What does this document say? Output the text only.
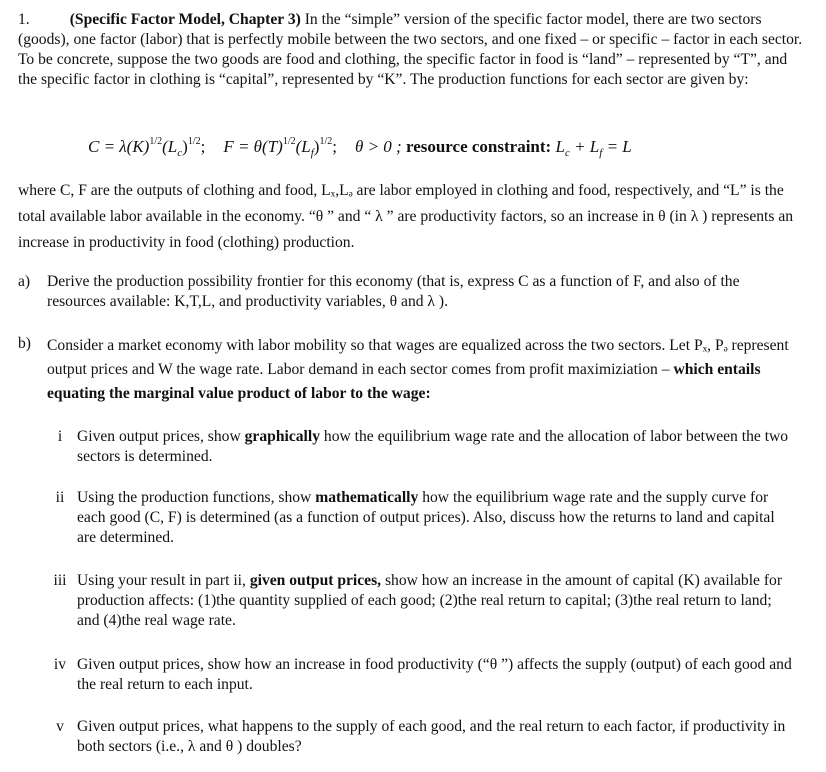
1.	(Specific Factor Model, Chapter 3) In the “simple” version of the specific factor model, there are two sectors (goods), one factor (labor) that is perfectly mobile between the two sectors, and one fixed – or specific – factor in each sector. To be concrete, suppose the two goods are food and clothing, the specific factor in food is “land” – represented by “T”, and the specific factor in clothing is “capital”, represented by “K”. The production functions for each sector are given by:
$C = \lambda(K)^{1/2}(L_c)^{1/2}$; $F = \theta(T)^{1/2}(L_f)^{1/2}$; θ > 0 ; resource constraint: $L_c + L_f = L$
where C, F are the outputs of clothing and food, Lₓ,Lₔ are labor employed in clothing and food, respectively, and “L” is the total available labor available in the economy. “θ ” and “ λ ” are productivity factors, so an increase in θ (in λ ) represents an increase in productivity in food (clothing) production.
a)	Derive the production possibility frontier for this economy (that is, express C as a function of F, and also of the resources available: K,T,L, and productivity variables, θ and λ ).
b)	Consider a market economy with labor mobility so that wages are equalized across the two sectors. Let Pₓ, Pₔ represent output prices and W the wage rate. Labor demand in each sector comes from profit maximiziation – which entails equating the marginal value product of labor to the wage:
i Given output prices, show graphically how the equilibrium wage rate and the allocation of labor between the two sectors is determined.
ii Using the production functions, show mathematically how the equilibrium wage rate and the supply curve for each good (C, F) is determined (as a function of output prices). Also, discuss how the returns to land and capital are determined.
iii Using your result in part ii, given output prices, show how an increase in the amount of capital (K) available for production affects: (1)the quantity supplied of each good; (2)the real return to capital; (3)the real return to land; and (4)the real wage rate.
iv Given output prices, show how an increase in food productivity (“θ ”) affects the supply (output) of each good and the real return to each input.
v Given output prices, what happens to the supply of each good, and the real return to each factor, if productivity in both sectors (i.e., λ and θ ) doubles?
